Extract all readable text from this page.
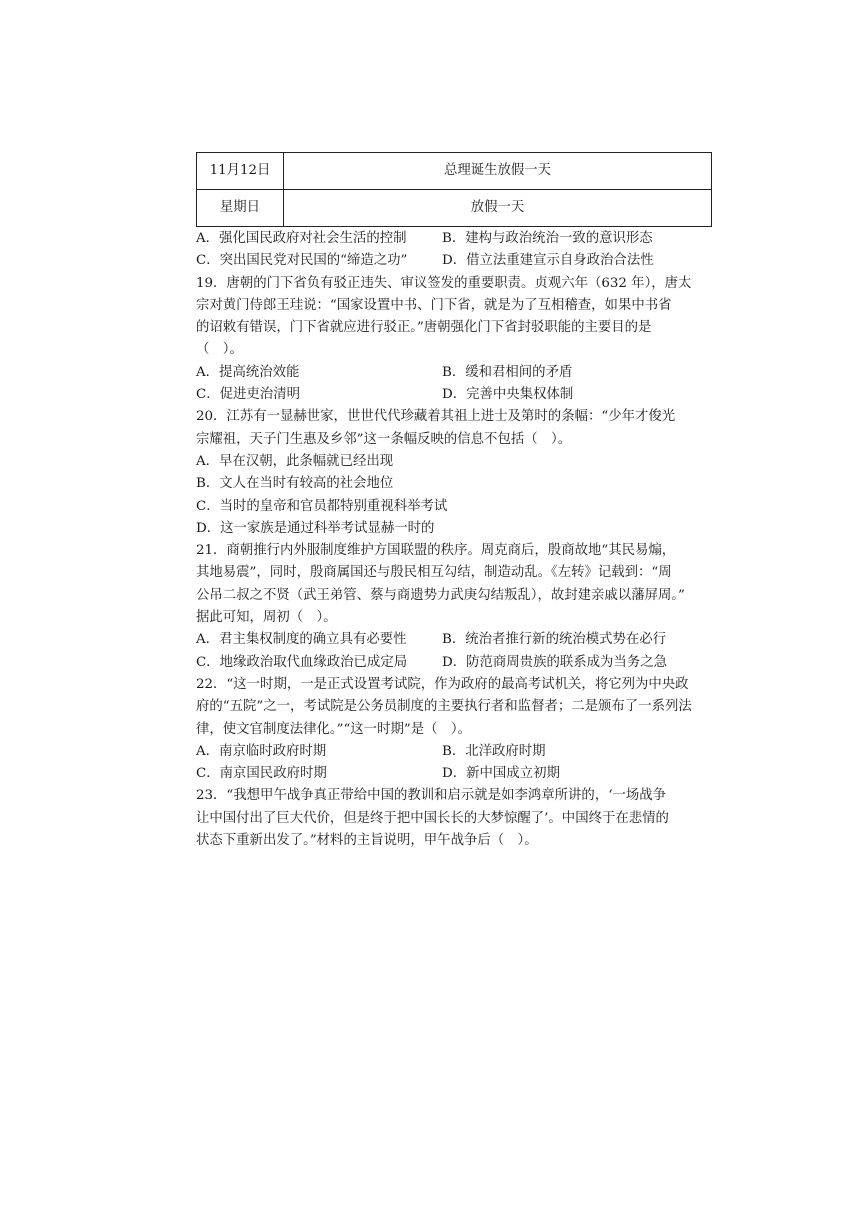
11月12日	总理诞生放假一天
星期日	放假一天
A．强化国民政府对社会生活的控制	B．建构与政治统治一致的意识形态
C．突出国民党对民国的“缔造之功”	D．借立法重建宣示自身政治合法性
19．唐朝的门下省负有驳正违失、审议签发的重要职责。贞观六年（632 年），唐太
宗对黄门侍郎王珪说：“国家设置中书、门下省，就是为了互相稽查，如果中书省
的诏敕有错误，门下省就应进行驳正。”唐朝强化门下省封驳职能的主要目的是
（　）。
A．提高统治效能	B．缓和君相间的矛盾
C．促进吏治清明	D．完善中央集权体制
20．江苏有一显赫世家，世世代代珍藏着其祖上进士及第时的条幅：“少年才俊光
宗耀祖，天子门生惠及乡邻”这一条幅反映的信息不包括（　）。
A．早在汉朝，此条幅就已经出现
B．文人在当时有较高的社会地位
C．当时的皇帝和官员都特别重视科举考试
D．这一家族是通过科举考试显赫一时的
21．商朝推行内外服制度维护方国联盟的秩序。周克商后，殷商故地“其民易煽，
其地易震”，同时，殷商属国还与殷民相互勾结，制造动乱。《左转》记载到：“周
公吊二叔之不贤（武王弟管、蔡与商遗势力武庚勾结叛乱），故封建亲戚以藩屏周。”
据此可知，周初（　）。
A．君主集权制度的确立具有必要性	B．统治者推行新的统治模式势在必行
C．地缘政治取代血缘政治已成定局	D．防范商周贵族的联系成为当务之急
22．“这一时期，一是正式设置考试院，作为政府的最高考试机关，将它列为中央政
府的“五院”之一，考试院是公务员制度的主要执行者和监督者；二是颁布了一系列法
律，使文官制度法律化。”“这一时期”是（　）。
A．南京临时政府时期	B．北洋政府时期
C．南京国民政府时期	D．新中国成立初期
23．“我想甲午战争真正带给中国的教训和启示就是如李鸿章所讲的，‘一场战争
让中国付出了巨大代价，但是终于把中国长长的大梦惊醒了’。中国终于在悲情的
状态下重新出发了。”材料的主旨说明，甲午战争后（　）。
